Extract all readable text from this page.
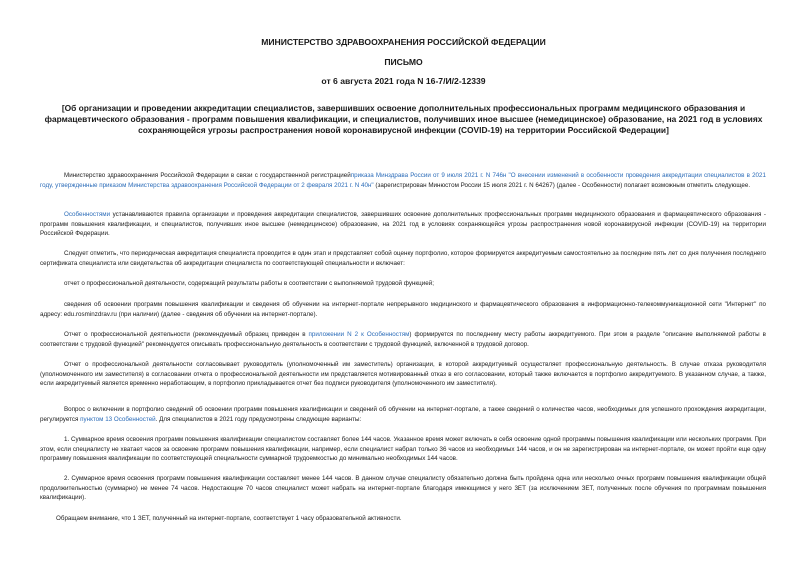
МИНИСТЕРСТВО ЗДРАВООХРАНЕНИЯ РОССИЙСКОЙ ФЕДЕРАЦИИ
ПИСЬМО
от 6 августа 2021 года N 16-7/И/2-12339
[Об организации и проведении аккредитации специалистов, завершивших освоение дополнительных профессиональных программ медицинского образования и фармацевтического образования - программ повышения квалификации, и специалистов, получивших иное высшее (немедицинское) образование, на 2021 год в условиях сохраняющейся угрозы распространения новой коронавирусной инфекции (COVID-19) на территории Российской Федерации]

Министерство здравоохранения Российской Федерации в связи с государственной регистрациейприказа Минздрава России от 9 июля 2021 г. N 746н "О внесении изменений в особенности проведения аккредитации специалистов в 2021 году, утвержденные приказом Министерства здравоохранения Российской Федерации от 2 февраля 2021 г. N 40н" (зарегистрирован Минюстом России 15 июля 2021 г. N 64267) (далее - Особенности) полагает возможным отметить следующее.

Особенностями устанавливаются правила организации и проведения аккредитации специалистов, завершивших освоение дополнительных профессиональных программ медицинского образования и фармацевтического образования - программ повышения квалификации, и специалистов, получивших иное высшее (немедицинское) образование, на 2021 год в условиях сохраняющейся угрозы распространения новой коронавирусной инфекции (COVID-19) на территории Российской Федерации.

Следует отметить, что периодическая аккредитация специалиста проводится в один этап и представляет собой оценку портфолио, которое формируется аккредитуемым самостоятельно за последние пять лет со дня получения последнего сертификата специалиста или свидетельства об аккредитации специалиста по соответствующей специальности и включает:

отчет о профессиональной деятельности, содержащий результаты работы в соответствии с выполняемой трудовой функцией;

сведения об освоении программ повышения квалификации и сведения об обучении на интернет-портале непрерывного медицинского и фармацевтического образования в информационно-телекоммуникационной сети "Интернет" по адресу: edu.rosminzdrav.ru (при наличии) (далее - сведения об обучении на интернет-портале).

Отчет о профессиональной деятельности (рекомендуемый образец приведен в приложении N 2 к Особенностям) формируется по последнему месту работы аккредитуемого. При этом в разделе "описание выполняемой работы в соответствии с трудовой функцией" рекомендуется описывать профессиональную деятельность в соответствии с трудовой функцией, включенной в трудовой договор.

Отчет о профессиональной деятельности согласовывает руководитель (уполномоченный им заместитель) организации, в которой аккредитуемый осуществляет профессиональную деятельность. В случае отказа руководителя (уполномоченного им заместителя) в согласовании отчета о профессиональной деятельности им представляется мотивированный отказ в его согласовании, который также включается в портфолио аккредитуемого. В указанном случае, а также, если аккредитуемый является временно неработающим, в портфолио прикладывается отчет без подписи руководителя (уполномоченного им заместителя).

Вопрос о включении в портфолио сведений об освоении программ повышения квалификации и сведений об обучении на интернет-портале, а также сведений о количестве часов, необходимых для успешного прохождения аккредитации, регулируется пунктом 13 Особенностей. Для специалистов в 2021 году предусмотрены следующие варианты:

1. Суммарное время освоения программ повышения квалификации специалистом составляет более 144 часов. Указанное время может включать в себя освоение одной программы повышения квалификации или нескольких программ. При этом, если специалисту не хватает часов за освоение программ повышения квалификации, например, если специалист набрал только 36 часов из необходимых 144 часов, и он не зарегистрирован на интернет-портале, он может пройти еще одну программу повышения квалификации по соответствующей специальности суммарной трудоемкостью до минимально необходимых 144 часов.

2. Суммарное время освоения программ повышения квалификации составляет менее 144 часов. В данном случае специалисту обязательно должна быть пройдена одна или несколько очных программ повышения квалификации общей продолжительностью (суммарно) не менее 74 часов. Недостающие 70 часов специалист может набрать на интернет-портале благодаря имеющимся у него 3ЕТ (за исключением ЗЕТ, полученных после обучения по программам повышения квалификации).

Обращаем внимание, что 1 ЗЕТ, полученный на интернет-портале, соответствует 1 часу образовательной активности.
